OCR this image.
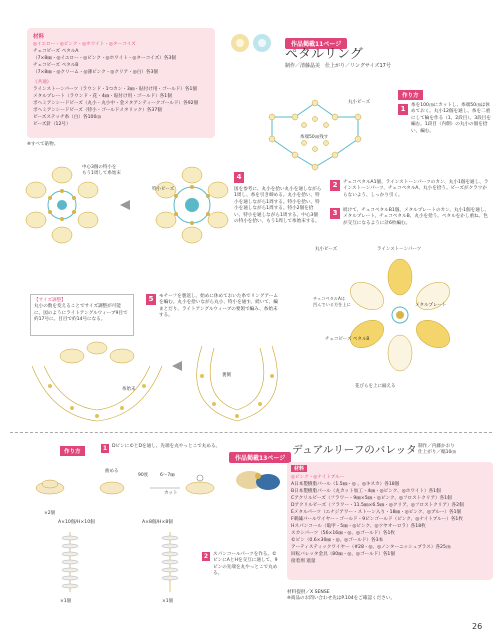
材料
◎イエロー・◎ピンク・◎ホワイト・◎ターコイズ
チェコビーズ ペタルA
（7×8㎜・◎イエロー・◎ピンク・◎ホワイト・◎ターコイズ）各3個
チェコビーズ ペタルB
（7×8㎜・◎クリーム・◎薄ピンク・◎クリア・◎白）各3個
《共通》
ラインストーンパーツ（ラウンド・1つカン・3㎜・貼付け用・ゴールド）各1個
メタルプレート（ラウンド・花・4㎜・貼付け用・ゴールド）各1個
ボヘミアンシードビーズ（丸小・丸小中・金メタアンティークゴールド）各92個
ボヘミアンシードビーズ（特小・ゴールドメタリック）各37個
ビーズステッチ糸（白）各100㎝
ビーズ針（12号）
※すべて貼物。
作品掲載11ページ
ペタルリング
制作／清藤晶美　仕上がり／リングサイズ17号
作り方
糸端50㎝残す
丸小ビーズ
1	糸を100㎝にカットし、糸端50㎝は休めておく。丸小12個を通し、糸を二重にして輪を作る（1、2段目）。3段目を編む。1段目（内側）の丸小の個を拾い、編む。
中心3個の特小を
もう1周して糸始末
特小ビーズ
4
図を参考に、丸小を拾い丸小を通しながら1周し、糸を引き締める。丸小を拾い、特小を通しながら1周する。特小を拾い、特小を通しながら1周する。特小2個を拾い、特小を通しながら1周する。中心3個の特小を拾い、もう1周して糸始末する。
2	チェコペタルA1個、ラインストーンパーツのカン、丸小1個を通し、ラインストーンパーツ、チェコペタルA、丸小を拾う。ビーズがクラウからないよう、しっかり引く。
3	続けて、チェコペタルB1個、メタルプレートのカン、丸小1個を通し、メタルプレート、チェコペタルB、丸小を拾う。ペタルをかし重ね、色が交互になるように計6枚編む。
【サイズ調整】
丸小の数を変えることでサイズ調整が可能に。図のようにライトアングルウィーブ9目で約17号に。目目で約14号になる。
5	モチーフを裏返し、始めに休めておいた糸でリングアームを編む。丸小を拾いながら丸小、特小を通す。続いて、編まとだり、ライトアングルウィーブの要領で編み、糸始末する。
裏側
糸始末
ラインストーンパーツ
丸小ビーズ
チェコペタルAは
凹んでいる方を上に	メタルプレート
チェコビーズ ペタルB
花びらを上に揃える
作り方	1	Dピンに©とDを通し、先端を丸やっとこで丸める。
曲める
90度	6〜7㎜
カット
×2個
A×10個/H×10個	A×8個/H×8個
×1個	×1個
2	スパンコールパーツを作る。©ピンにAとHを交互に通して、9ピンの先端を丸やっとこで丸める。
作品掲載13ページ
デュアルリーフのバレッタ 制作／内藤かおり
仕上がり／幅10㎝
材料
◎ピンク・◎ナイトブルー
A日本製樹脂パール（1.5㎜・◎ 、◎キスカ）各18個
B日本製樹脂パール（丸カット加工・4㎜・◎ピンク、◎ホワイト）各1個
Cアクリルビーズ（フラワー・9㎜×5㎜・◎ピンク、◎フロストクリア）各1個
Dアクリルビーズ（フラワー・11.5㎜×6.5㎜・◎クリア、◎フロストクリア）各2個
Eメタルパーツ（エナジアワー・ストーン入り・18㎜・◎ピンク、◎ブルー）各1個
F刺繍パールワイヤー・ゴールド・9ピンゴールド（ピンク、◎ナイトブルー）各1枚
Hスパンコール（亀甲・5㎜・◎ピンク、◎ツヤオーロラ）各18枚
スカシパーツ（56×16㎜・◎、◎ゴールド）各1枚
©ピン（0.6×30㎜・◎、◎ゴールド）各3本
アーティスティックワイヤー（#28・◎、◎ノンターニッシュブラス）各25㎝
回転バレッタ金具（80㎜・◎、◎ゴールド）各1個
接着剤 適量
材料提供／X SENSE
※商品のお問い合わせ先はP.104をご確認ください。
26
